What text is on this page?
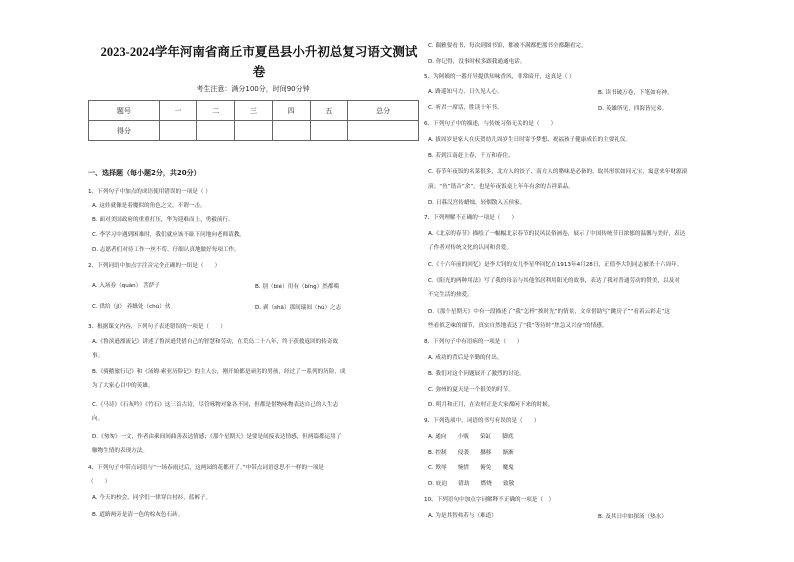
2023-2024学年河南省商丘市夏邑县小升初总复习语文测试
卷
考生注意：满分100分，时间90分钟
题号	一	二	三	四	五	总分
得分						
一、选择题（每小题2分，共20分）
1、下列句子中加点的成语使用错误的一项是（ ）
A. 这娃就像是着魔似的角色之父，不谓一击。
B. 面对美国政府的重重打压，华为迎难而上，勇毅前行。
C. 李学习中遇到困难时，我们就应该不耻下问地向老师请教。
D. 志愿者们对待工作一丝不苟、仔细认真地做好每项工作。
2、下列词语中加点字注音完全正确的一组是（　　）
A. 入场券（quàn） 菩萨子	B. 别（bié）用有（bǐng）然都噶
C. 供给（jǐ） 养蜂处（chù）伙	D. 剥（shā）那间瑞间（hú）之志
3、根据课文内容，下列句子表述错误的一项是（　　）
A.《鲁滨逊漂流记》讲述了鲁滨逊凭借自己的智慧和劳动，在荒岛二十八年，终于获救返回的传奇故
事。
B.《骑鹅旅行记》和《汤姆·索亚历险记》的主人公，刚开始都是顽劣的男孩，经过了一系列的历险，成
为了大家心目中的英雄。
C.《马诗》《石灰吟》《竹石》这三首古诗，尽管咏物对象各不同，但都是借物咏物表达自己的人生志
向。
D.《匆匆》一文，作者由乘间间曲善表达情感；《那个星期天》是要是间接表达情感，但两篇都运用了
触物生情的表现方法。
4、下列句子中带点词语与“一场春雨过后，这两园的花都开了。”中带点词语意思不一样的一项是
（　　）
A. 今天的校会，同学们一律穿白衬衫，蓝裤子。
B. 道路两旁是清一色的棕灰色石砖。
C. 偶雅要看书，每次到图书馆，都被不满都把那书全都翻看完。
D. 你记得，没事时候多跟我通通电话。
5、为阿姨的一番开导提供知味香风，非常暗开，这真是（ ）
A. 路遥知马力，日久见人心。	B. 读书破万卷，下笔如有神。
C. 听君一席话，胜读十年书。	D. 英雄所见，四海皆兄弟。
6、下列句子中的描述，与传统习俗无关的是（　　）
A. 拔周岁是家人在庆贺幼儿周岁生日时寄予梦想、祝福孩子健康成长的主要礼仪。
B. 若到江南赶上春，千万和春住。
C. 春节年夜饭的名菜很多，北方人的饺子、南方人的腊味是必备的，取其形状如同元宝，寓意来年财源滚
滚；“鱼”谐音“余”，也是年夜饭桌上年年有余的吉祥菜品。
D. 日暮汉宫传蜡烛，轻烟散入五侯家。
7、下列理解不正确的一项是（　　）
A.《北京的春节》描绘了一幅幅北京春节的民风民俗画卷，展示了中国传统节日浓郁的温馨与美好，表达
了作者对传统文化的认同和喜爱。
C.《十六年前的回忆》是李大钊的女儿李星华回忆在1913年4月28日，正值李大钊同志被杀十六周年。
C.《阳光的两种用法》写了我的母亲与其他邻居利用阳光的故事，表达了我对普通劳动的赞美，以及对
不完生活的热爱。
D.《那个星期天》中有一段描述了“我”怎样“挨时光”的情景，文章借助写“跳房子”“看着云彩走”这
些看似乏味的细节，真实自然地表达了“我”等待时“焦急又兴奋”的情感。
8、下列句子中有语病的一项是（　　）
A. 成功的背后是辛勤的付出。
B. 我们对这个问题展开了激烈的讨论。
C. 弥州的夏天是一个很美的时节。
D. 明月和正月，在农村正是大家都闲下来的时候。
9、下列选项中，词语的书写有误的是（　　）
A. 通向　　小贩　　染缸　　脚底
B. 控制　　侵袭　　挪移　　渐渐
C. 欺辱　　惋惜　　俯免　　魔鬼
D. 庇迫　　错劫　　燃烧　　致敬
10、下列语句中加点字词解释不正确的一项是（　）
A. 为是其智弗若与（难道）	B. 及其日中如探汤（热水）
